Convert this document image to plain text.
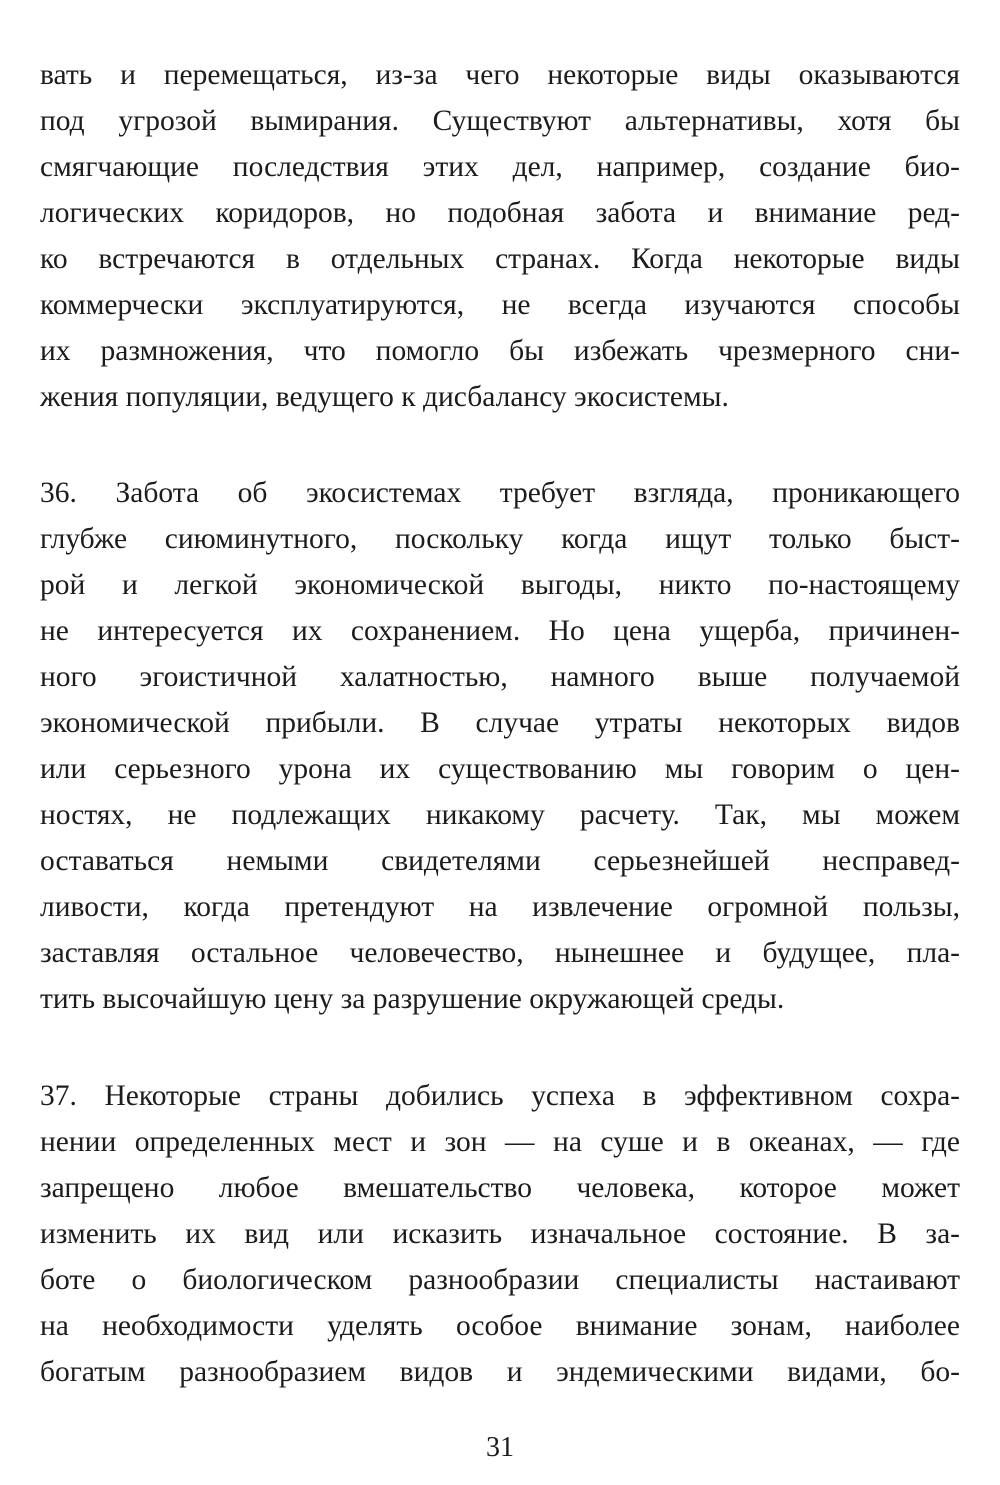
вать и перемещаться, из-за чего некоторые виды оказываются
под угрозой вымирания. Существуют альтернативы, хотя бы
смягчающие последствия этих дел, например, создание био-
логических коридоров, но подобная забота и внимание ред-
ко встречаются в отдельных странах. Когда некоторые виды
коммерчески эксплуатируются, не всегда изучаются способы
их размножения, что помогло бы избежать чрезмерного сни-
жения популяции, ведущего к дисбалансу экосистемы.
36. Забота об экосистемах требует взгляда, проникающего
глубже сиюминутного, поскольку когда ищут только быст-
рой и легкой экономической выгоды, никто по-настоящему
не интересуется их сохранением. Но цена ущерба, причинен-
ного эгоистичной халатностью, намного выше получаемой
экономической прибыли. В случае утраты некоторых видов
или серьезного урона их существованию мы говорим о цен-
ностях, не подлежащих никакому расчету. Так, мы можем
оставаться немыми свидетелями серьезнейшей несправед-
ливости, когда претендуют на извлечение огромной пользы,
заставляя остальное человечество, нынешнее и будущее, пла-
тить высочайшую цену за разрушение окружающей среды.
37. Некоторые страны добились успеха в эффективном сохра-
нении определенных мест и зон — на суше и в океанах, — где
запрещено любое вмешательство человека, которое может
изменить их вид или исказить изначальное состояние. В за-
боте о биологическом разнообразии специалисты настаивают
на необходимости уделять особое внимание зонам, наиболее
богатым разнообразием видов и эндемическими видами, бо-
31
